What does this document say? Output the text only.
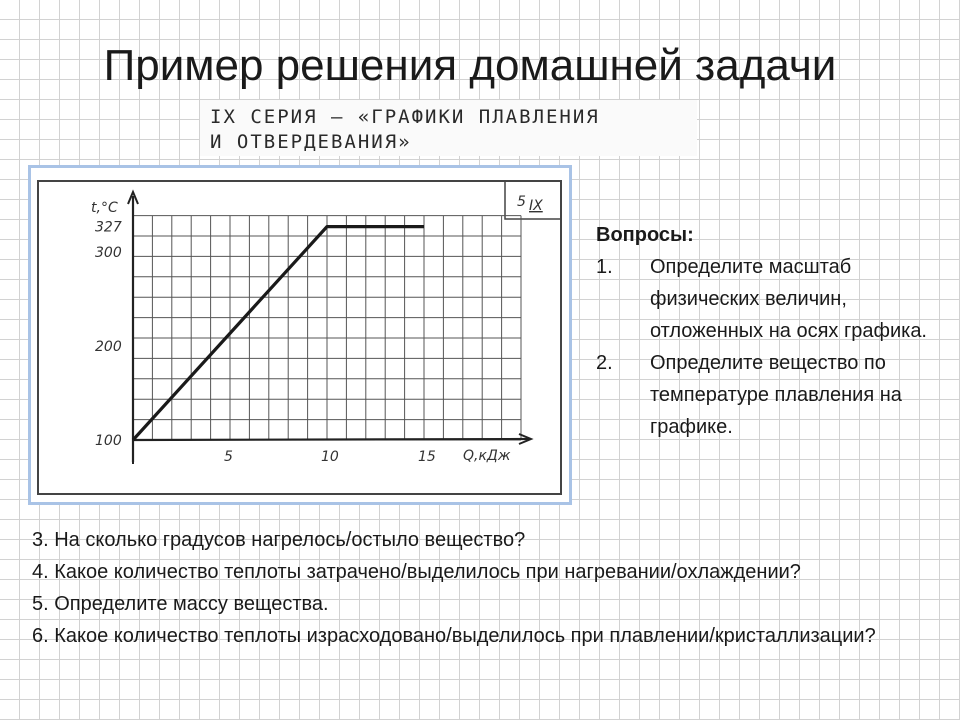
Пример решения домашней задачи
IX СЕРИЯ — «ГРАФИКИ ПЛАВЛЕНИЯ
И ОТВЕРДЕВАНИЯ»
5 IX
5	10	15
100
200
300
327
t,°C
Q,кДж
Вопросы:
1.	Определите масштаб физических величин, отложенных на осях графика.
2.	Определите вещество по температуре плавления на графике.
3. На сколько градусов нагрелось/остыло вещество?
4. Какое количество теплоты затрачено/выделилось при нагревании/охлаждении?
5. Определите массу вещества.
6. Какое количество теплоты израсходовано/выделилось при плавлении/кристаллизации?
